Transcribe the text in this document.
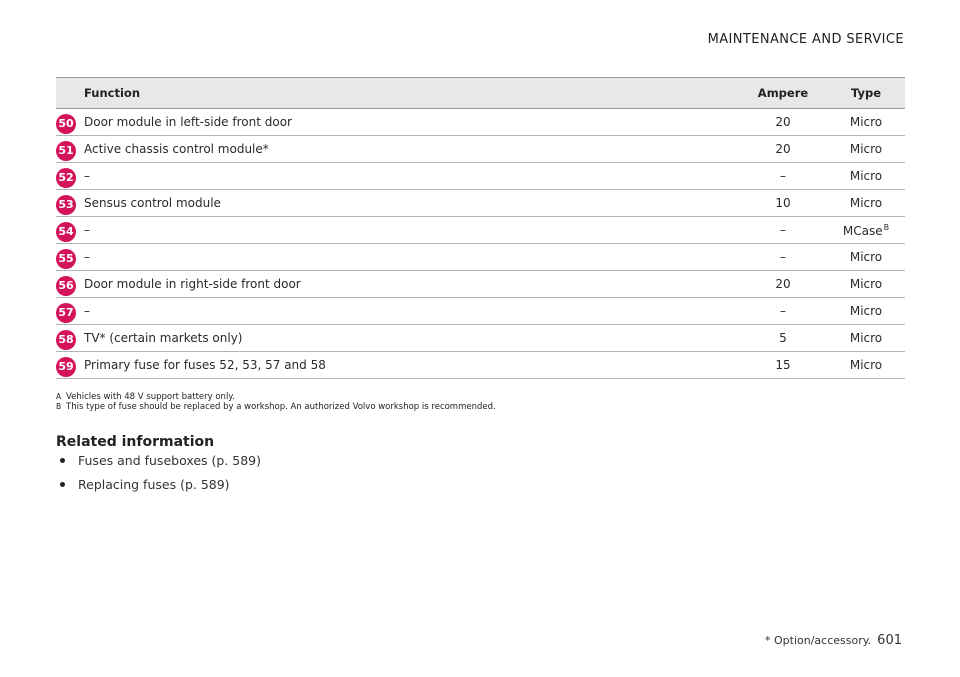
MAINTENANCE AND SERVICE
	Function	Ampere	Type
50	Door module in left-side front door	20	Micro
51	Active chassis control module*	20	Micro
52	–	–	Micro
53	Sensus control module	10	Micro
54	–	–	MCase$^B$
55	–	–	Micro
56	Door module in right-side front door	20	Micro
57	–	–	Micro
58	TV* (certain markets only)	5	Micro
59	Primary fuse for fuses 52, 53, 57 and 58	15	Micro
A Vehicles with 48 V support battery only.
B This type of fuse should be replaced by a workshop. An authorized Volvo workshop is recommended.
Related information
Fuses and fuseboxes (p. 589)
Replacing fuses (p. 589)
* Option/accessory. 601
